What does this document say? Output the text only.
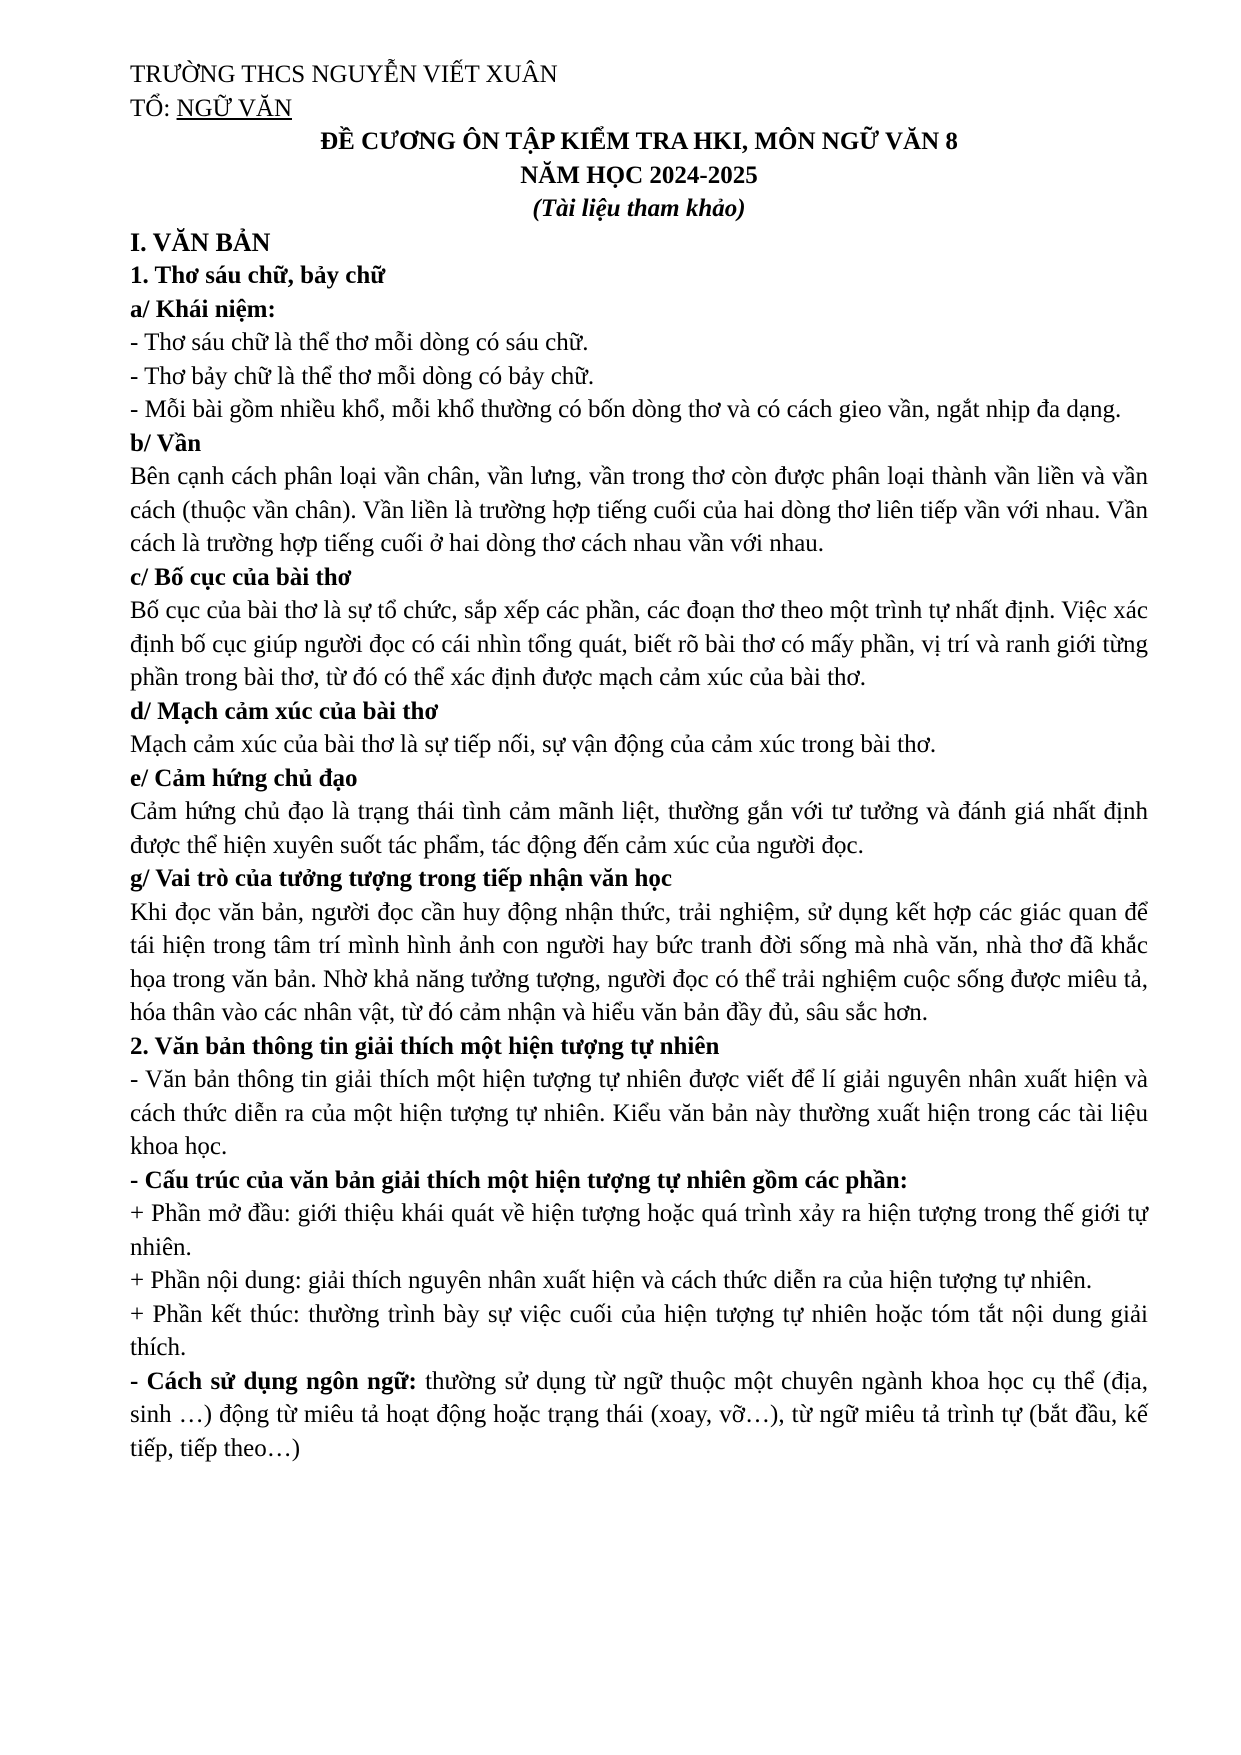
TRƯỜNG THCS NGUYỄN VIẾT XUÂN

TỔ: NGỮ VĂN

ĐỀ CƯƠNG ÔN TẬP KIỂM TRA HKI, MÔN NGỮ VĂN 8

NĂM HỌC 2024-2025

(Tài liệu tham khảo)

I. VĂN BẢN

1. Thơ sáu chữ, bảy chữ

a/ Khái niệm:

- Thơ sáu chữ là thể thơ mỗi dòng có sáu chữ.

- Thơ bảy chữ là thể thơ mỗi dòng có bảy chữ.

- Mỗi bài gồm nhiều khổ, mỗi khổ thường có bốn dòng thơ và có cách gieo vần, ngắt nhịp đa dạng.

b/ Vần

Bên cạnh cách phân loại vần chân, vần lưng, vần trong thơ còn được phân loại thành vần liền và vần cách (thuộc vần chân). Vần liền là trường hợp tiếng cuối của hai dòng thơ liên tiếp vần với nhau. Vần cách là trường hợp tiếng cuối ở hai dòng thơ cách nhau vần với nhau.

c/ Bố cục của bài thơ

Bố cục của bài thơ là sự tổ chức, sắp xếp các phần, các đoạn thơ theo một trình tự nhất định. Việc xác định bố cục giúp người đọc có cái nhìn tổng quát, biết rõ bài thơ có mấy phần, vị trí và ranh giới từng phần trong bài thơ, từ đó có thể xác định được mạch cảm xúc của bài thơ.

d/ Mạch cảm xúc của bài thơ

Mạch cảm xúc của bài thơ là sự tiếp nối, sự vận động của cảm xúc trong bài thơ.

e/ Cảm hứng chủ đạo

Cảm hứng chủ đạo là trạng thái tình cảm mãnh liệt, thường gắn với tư tưởng và đánh giá nhất định được thể hiện xuyên suốt tác phẩm, tác động đến cảm xúc của người đọc.

g/ Vai trò của tưởng tượng trong tiếp nhận văn học

Khi đọc văn bản, người đọc cần huy động nhận thức, trải nghiệm, sử dụng kết hợp các giác quan để tái hiện trong tâm trí mình hình ảnh con người hay bức tranh đời sống mà nhà văn, nhà thơ đã khắc họa trong văn bản. Nhờ khả năng tưởng tượng, người đọc có thể trải nghiệm cuộc sống được miêu tả, hóa thân vào các nhân vật, từ đó cảm nhận và hiểu văn bản đầy đủ, sâu sắc hơn.

2. Văn bản thông tin giải thích một hiện tượng tự nhiên

- Văn bản thông tin giải thích một hiện tượng tự nhiên được viết để lí giải nguyên nhân xuất hiện và cách thức diễn ra của một hiện tượng tự nhiên. Kiểu văn bản này thường xuất hiện trong các tài liệu khoa học.

- Cấu trúc của văn bản giải thích một hiện tượng tự nhiên gồm các phần:

+ Phần mở đầu: giới thiệu khái quát về hiện tượng hoặc quá trình xảy ra hiện tượng trong thế giới tự nhiên.

+ Phần nội dung: giải thích nguyên nhân xuất hiện và cách thức diễn ra của hiện tượng tự nhiên.

+ Phần kết thúc: thường trình bày sự việc cuối của hiện tượng tự nhiên hoặc tóm tắt nội dung giải thích.

- Cách sử dụng ngôn ngữ: thường sử dụng từ ngữ thuộc một chuyên ngành khoa học cụ thể (địa, sinh …) động từ miêu tả hoạt động hoặc trạng thái (xoay, vỡ…), từ ngữ miêu tả trình tự (bắt đầu, kế tiếp, tiếp theo…)
